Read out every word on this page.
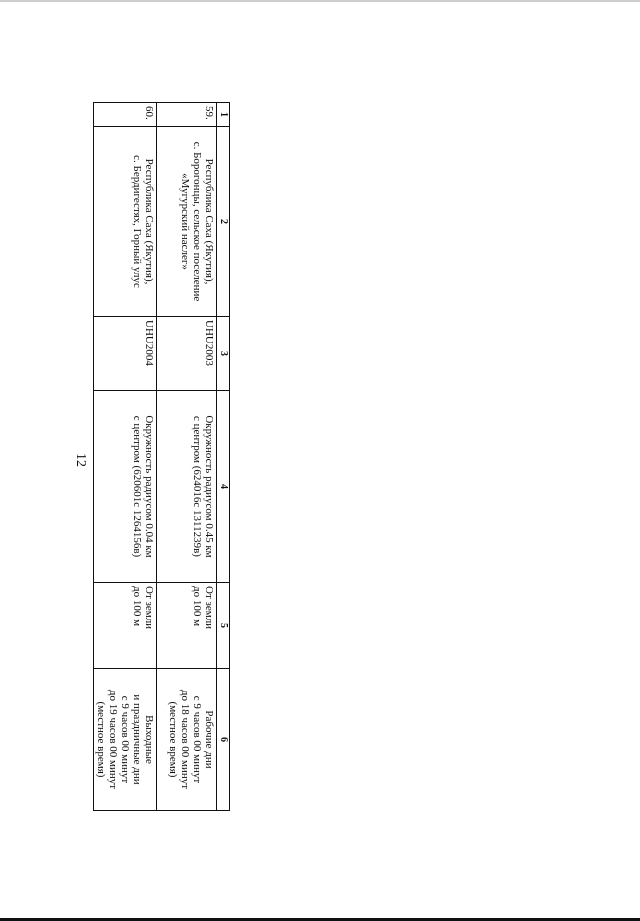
12
1	2	3	4	5	6
59.	Республика Саха (Якутия),
с. Борогонцы, сельское поселение
«Мугурский наслег»	UHU2003	Окружность радиусом 0.45 км
с центром (624016с 1311239в)	От земли
до 100 м	Рабочие дни
с 9 часов 00 минут
до 18 часов 00 минут
(местное время)

60.	Республика Саха (Якутия),
с. Бердигестях, Горный улус	UHU2004	Окружность радиусом 0.04 км
с центром (620601с 1264156в)	От земли
до 100 м	Выходные
и праздничные дни
с 9 часов 00 минут
до 19 часов 00 минут
(местное время)
